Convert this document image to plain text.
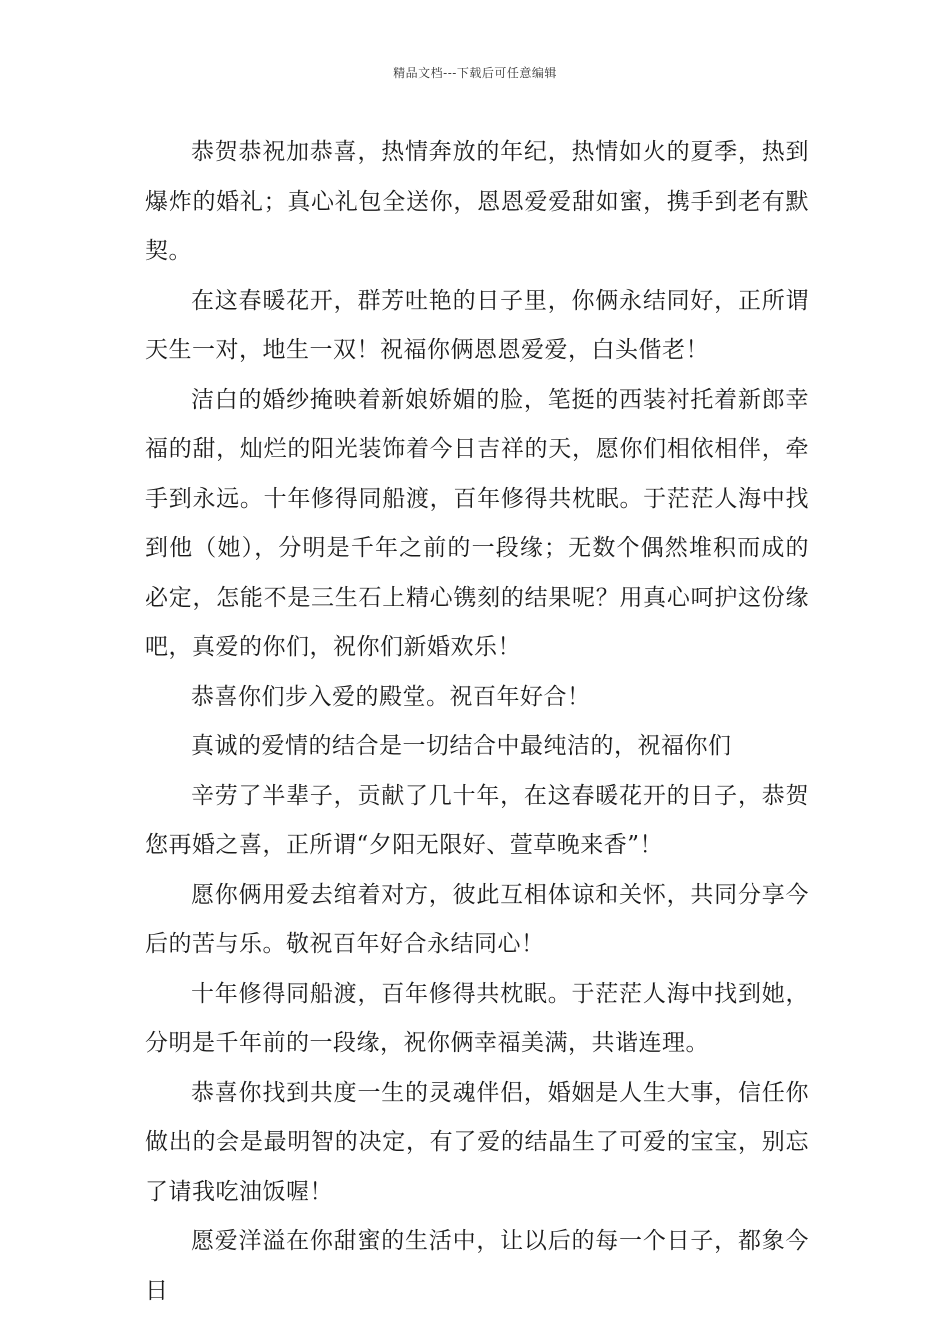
精品文档---下载后可任意编辑

恭贺恭祝加恭喜，热情奔放的年纪，热情如火的夏季，热到爆炸的婚礼；真心礼包全送你，恩恩爱爱甜如蜜，携手到老有默契。

在这春暖花开，群芳吐艳的日子里，你俩永结同好，正所谓天生一对，地生一双！祝福你俩恩恩爱爱，白头偕老！

洁白的婚纱掩映着新娘娇媚的脸，笔挺的西装衬托着新郎幸福的甜，灿烂的阳光装饰着今日吉祥的天，愿你们相依相伴，牵手到永远。十年修得同船渡，百年修得共枕眠。于茫茫人海中找到他（她），分明是千年之前的一段缘；无数个偶然堆积而成的必定，怎能不是三生石上精心镌刻的结果呢？用真心呵护这份缘吧，真爱的你们，祝你们新婚欢乐！

恭喜你们步入爱的殿堂。祝百年好合！

真诚的爱情的结合是一切结合中最纯洁的，祝福你们

辛劳了半辈子，贡献了几十年，在这春暖花开的日子，恭贺您再婚之喜，正所谓“夕阳无限好、萱草晚来香”！

愿你俩用爱去绾着对方，彼此互相体谅和关怀，共同分享今后的苦与乐。敬祝百年好合永结同心！

十年修得同船渡，百年修得共枕眠。于茫茫人海中找到她，分明是千年前的一段缘，祝你俩幸福美满，共谐连理。

恭喜你找到共度一生的灵魂伴侣，婚姻是人生大事，信任你做出的会是最明智的决定，有了爱的结晶生了可爱的宝宝，别忘了请我吃油饭喔！

愿爱洋溢在你甜蜜的生活中，让以后的每一个日子，都象今日
